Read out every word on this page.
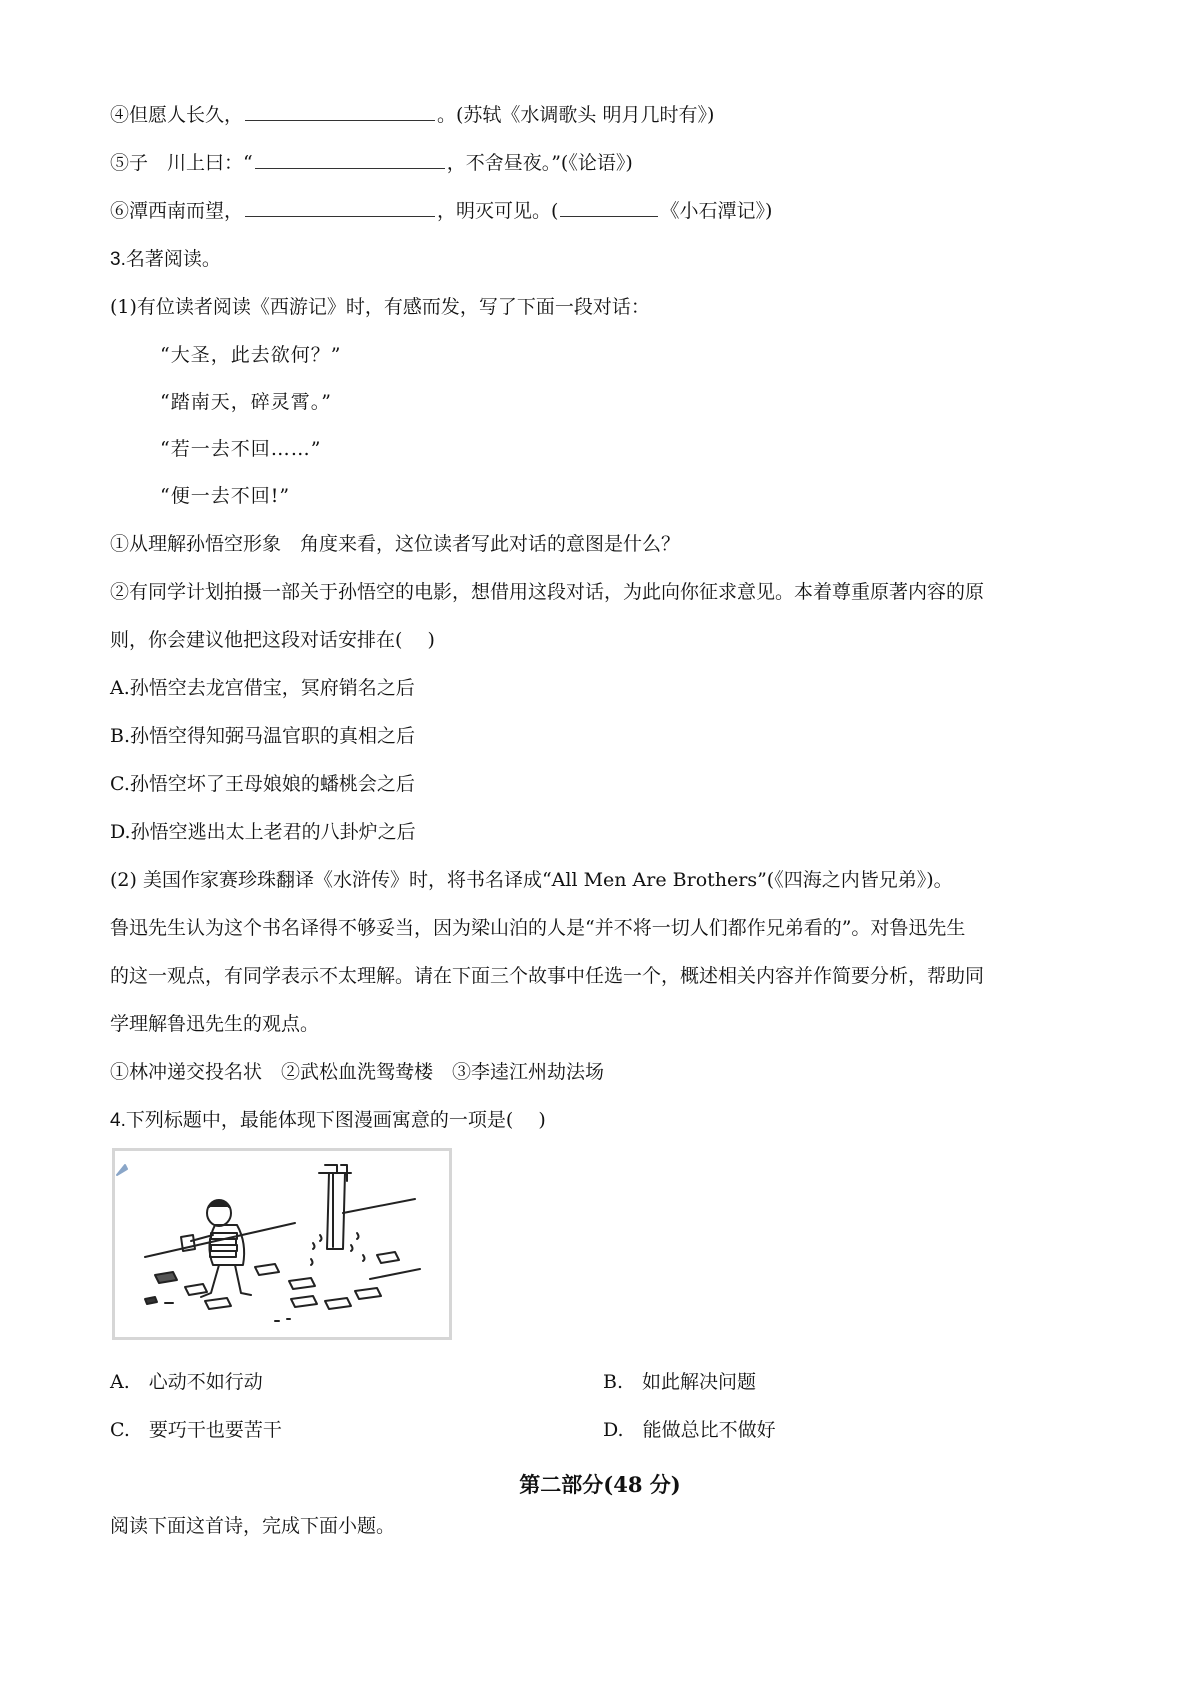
④但愿人长久，	。(苏轼《水调歌头 明月几时有》)
⑤子　川上曰：“	，不舍昼夜。”(《论语》)
⑥潭西南而望，	，明灭可见。(	《小石潭记》)
3.名著阅读。
(1)有位读者阅读《西游记》时，有感而发，写了下面一段对话：
“大圣，此去欲何？”
“踏南天，碎灵霄。”
“若一去不回……”
“便一去不回!”
①从理解孙悟空形象　角度来看，这位读者写此对话的意图是什么？
②有同学计划拍摄一部关于孙悟空的电影，想借用这段对话，为此向你征求意见。本着尊重原著内容的原
则，你会建议他把这段对话安排在(　 )
A.孙悟空去龙宫借宝，冥府销名之后
B.孙悟空得知弼马温官职的真相之后
C.孙悟空坏了王母娘娘的蟠桃会之后
D.孙悟空逃出太上老君的八卦炉之后
(2) 美国作家赛珍珠翻译《水浒传》时，将书名译成“All Men Are Brothers”(《四海之内皆兄弟》)。
鲁迅先生认为这个书名译得不够妥当，因为梁山泊的人是“并不将一切人们都作兄弟看的”。对鲁迅先生
的这一观点，有同学表示不太理解。请在下面三个故事中任选一个，概述相关内容并作简要分析，帮助同
学理解鲁迅先生的观点。
①林冲递交投名状　②武松血洗鸳鸯楼　③李逵江州劫法场
4.下列标题中，最能体现下图漫画寓意的一项是(　 )
A.　心动不如行动	B.　如此解决问题
C.　要巧干也要苦干	D.　能做总比不做好
第二部分(48 分)
阅读下面这首诗，完成下面小题。
